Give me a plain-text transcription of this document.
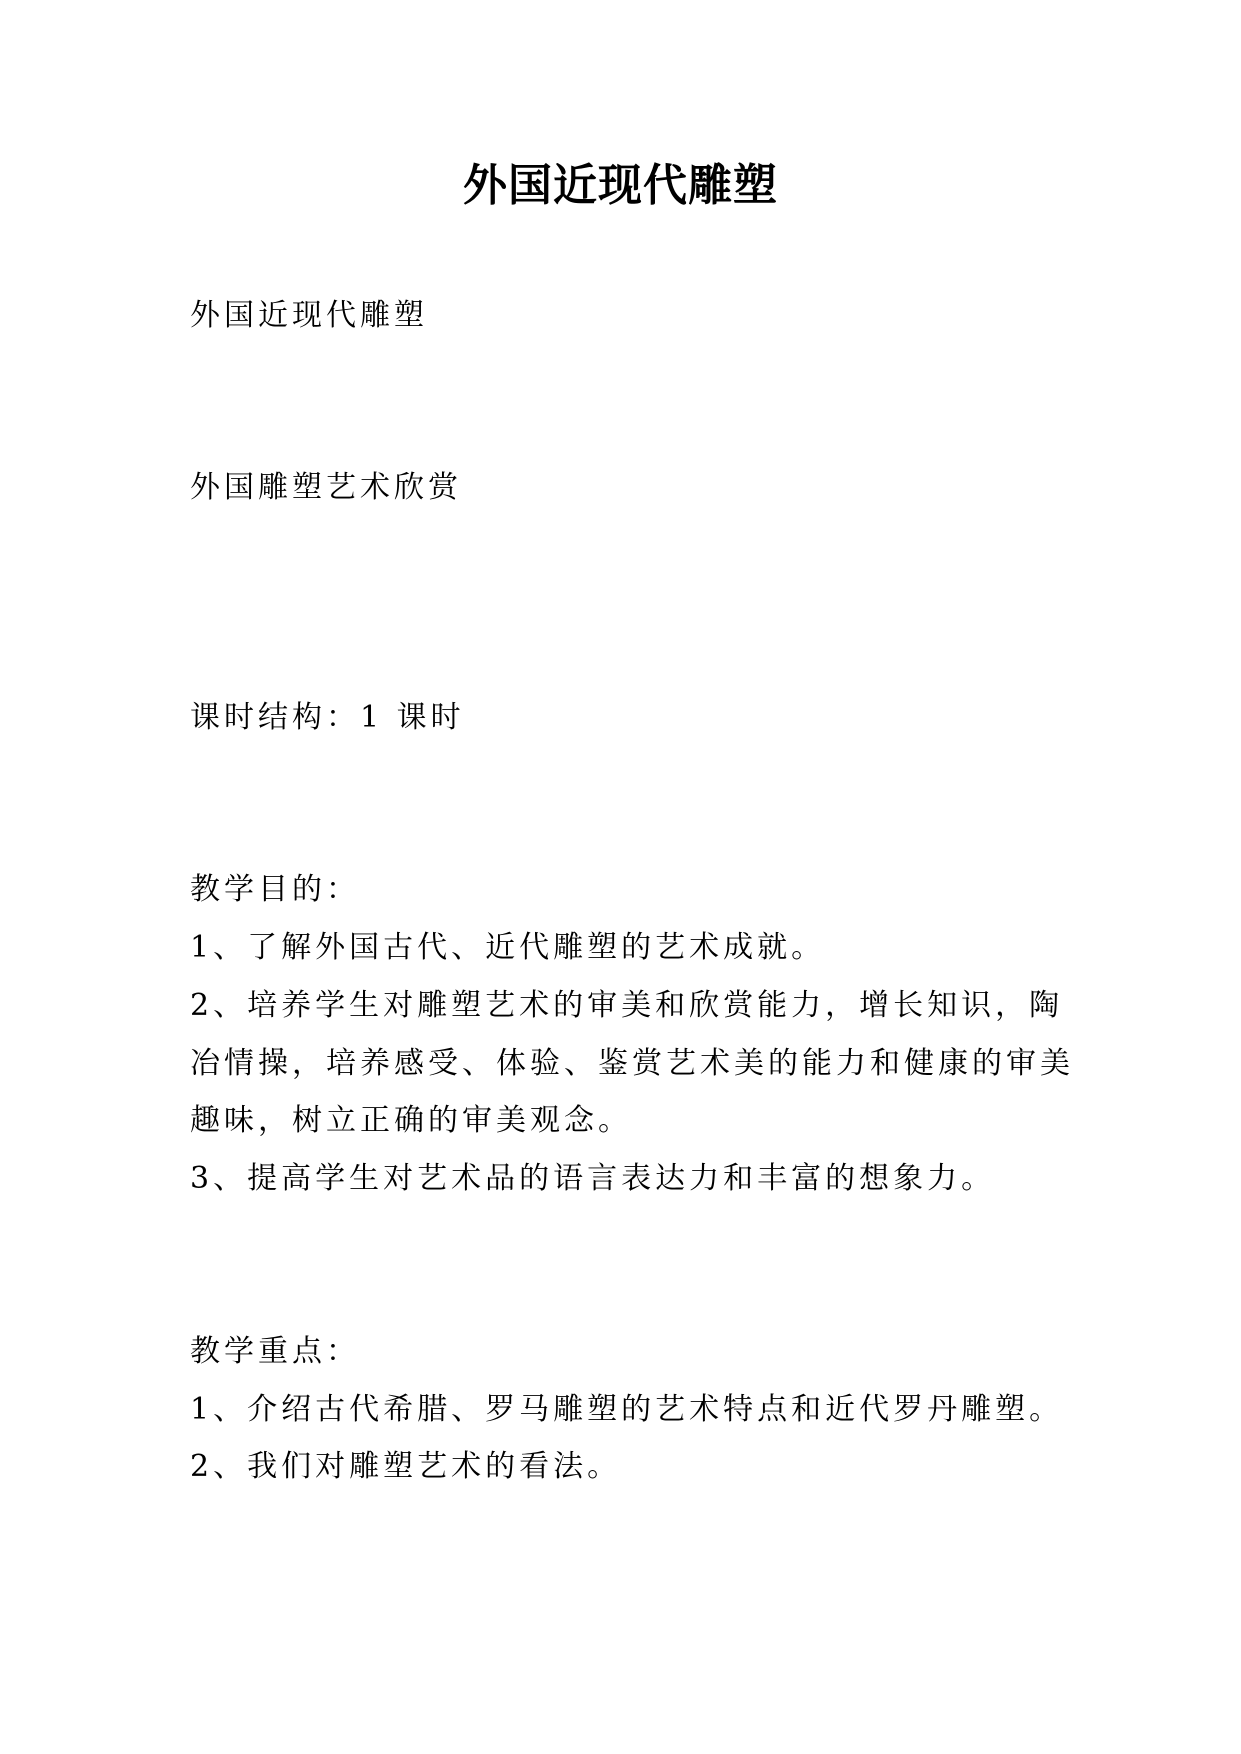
外国近现代雕塑
外国近现代雕塑
外国雕塑艺术欣赏
课时结构：1 课时
教学目的：
1、了解外国古代、近代雕塑的艺术成就。
2、培养学生对雕塑艺术的审美和欣赏能力，增长知识，陶
冶情操，培养感受、体验、鉴赏艺术美的能力和健康的审美
趣味，树立正确的审美观念。
3、提高学生对艺术品的语言表达力和丰富的想象力。
教学重点：
1、介绍古代希腊、罗马雕塑的艺术特点和近代罗丹雕塑。
2、我们对雕塑艺术的看法。
